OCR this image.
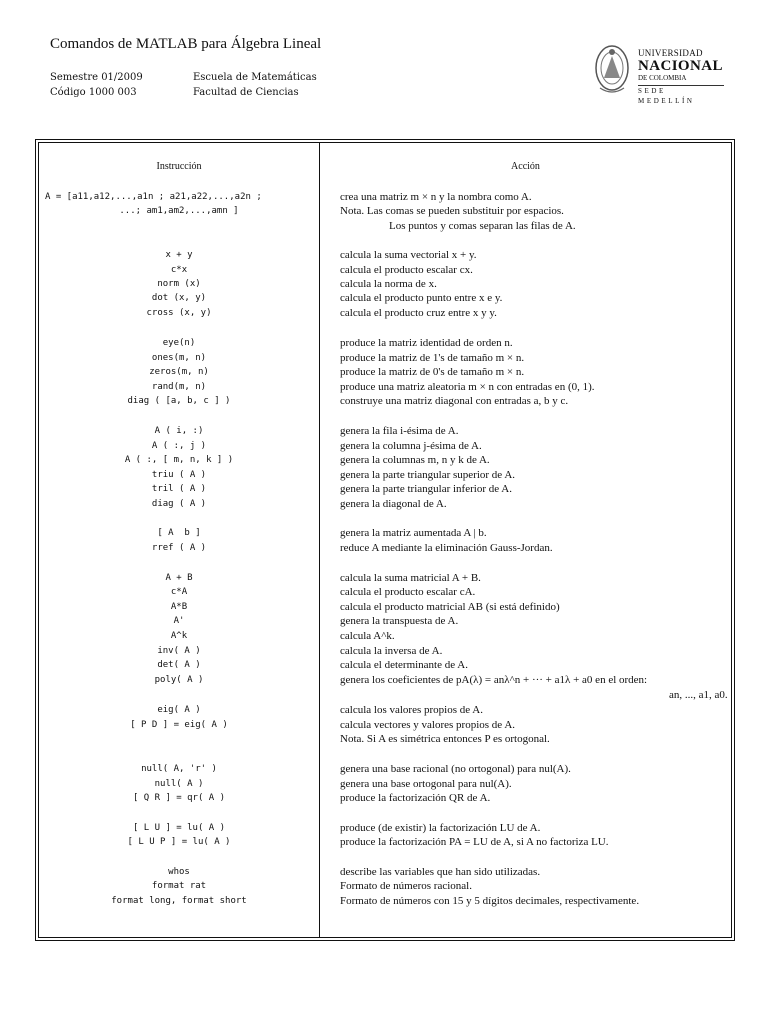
Comandos de MATLAB para Álgebra Lineal
Semestre 01/2009
Código 1000 003
Escuela de Matemáticas
Facultad de Ciencias
UNIVERSIDAD
NACIONAL
DE COLOMBIA
SEDE MEDELLÍN
Instrucción	Acción
A = [a11,a12,...,a1n ; a21,a22,...,a2n ;	crea una matriz m × n y la nombra como A.
...; am1,am2,...,amn ]	Nota. Las comas se pueden substituir por espacios.
Los puntos y comas separan las filas de A.
x + y	calcula la suma vectorial x + y.
c*x	calcula el producto escalar cx.
norm (x)	calcula la norma de x.
dot (x, y)	calcula el producto punto entre x e y.
cross (x, y)	calcula el producto cruz entre x y y.
eye(n)	produce la matriz identidad de orden n.
ones(m, n)	produce la matriz de 1's de tamaño m × n.
zeros(m, n)	produce la matriz de 0's de tamaño m × n.
rand(m, n)	produce una matriz aleatoria m × n con entradas en (0, 1).
diag ( [a, b, c ] )	construye una matriz diagonal con entradas a, b y c.
A ( i, :)	genera la fila i-ésima de A.
A ( :, j )	genera la columna j-ésima de A.
A ( :, [ m, n, k ] )	genera la columnas m, n y k de A.
triu ( A )	genera la parte triangular superior de A.
tril ( A )	genera la parte triangular inferior de A.
diag ( A )	genera la diagonal de A.
[ A  b ]	genera la matriz aumentada A | b.
rref ( A )	reduce A mediante la eliminación Gauss-Jordan.
A + B	calcula la suma matricial A + B.
c*A	calcula el producto escalar cA.
A*B	calcula el producto matricial AB (si está definido)
A'	genera la transpuesta de A.
A^k	calcula A^k.
inv( A )	calcula la inversa de A.
det( A )	calcula el determinante de A.
poly( A )	genera los coeficientes de pA(λ) = anλ^n + ··· + a1λ + a0 en el orden:
an, ..., a1, a0.
eig( A )	calcula los valores propios de A.
[ P D ] = eig( A )	calcula vectores y valores propios de A.
Nota. Si A es simétrica entonces P es ortogonal.
null( A, 'r' )	genera una base racional (no ortogonal) para nul(A).
null( A )	genera una base ortogonal para nul(A).
[ Q R ] = qr( A )	produce la factorización QR de A.
[ L U ] = lu( A )	produce (de existir) la factorización LU de A.
[ L U P ] = lu( A )	produce la factorización PA = LU de A, si A no factoriza LU.
whos	describe las variables que han sido utilizadas.
format rat	Formato de números racional.
format long, format short	Formato de números con 15 y 5 dígitos decimales, respectivamente.
